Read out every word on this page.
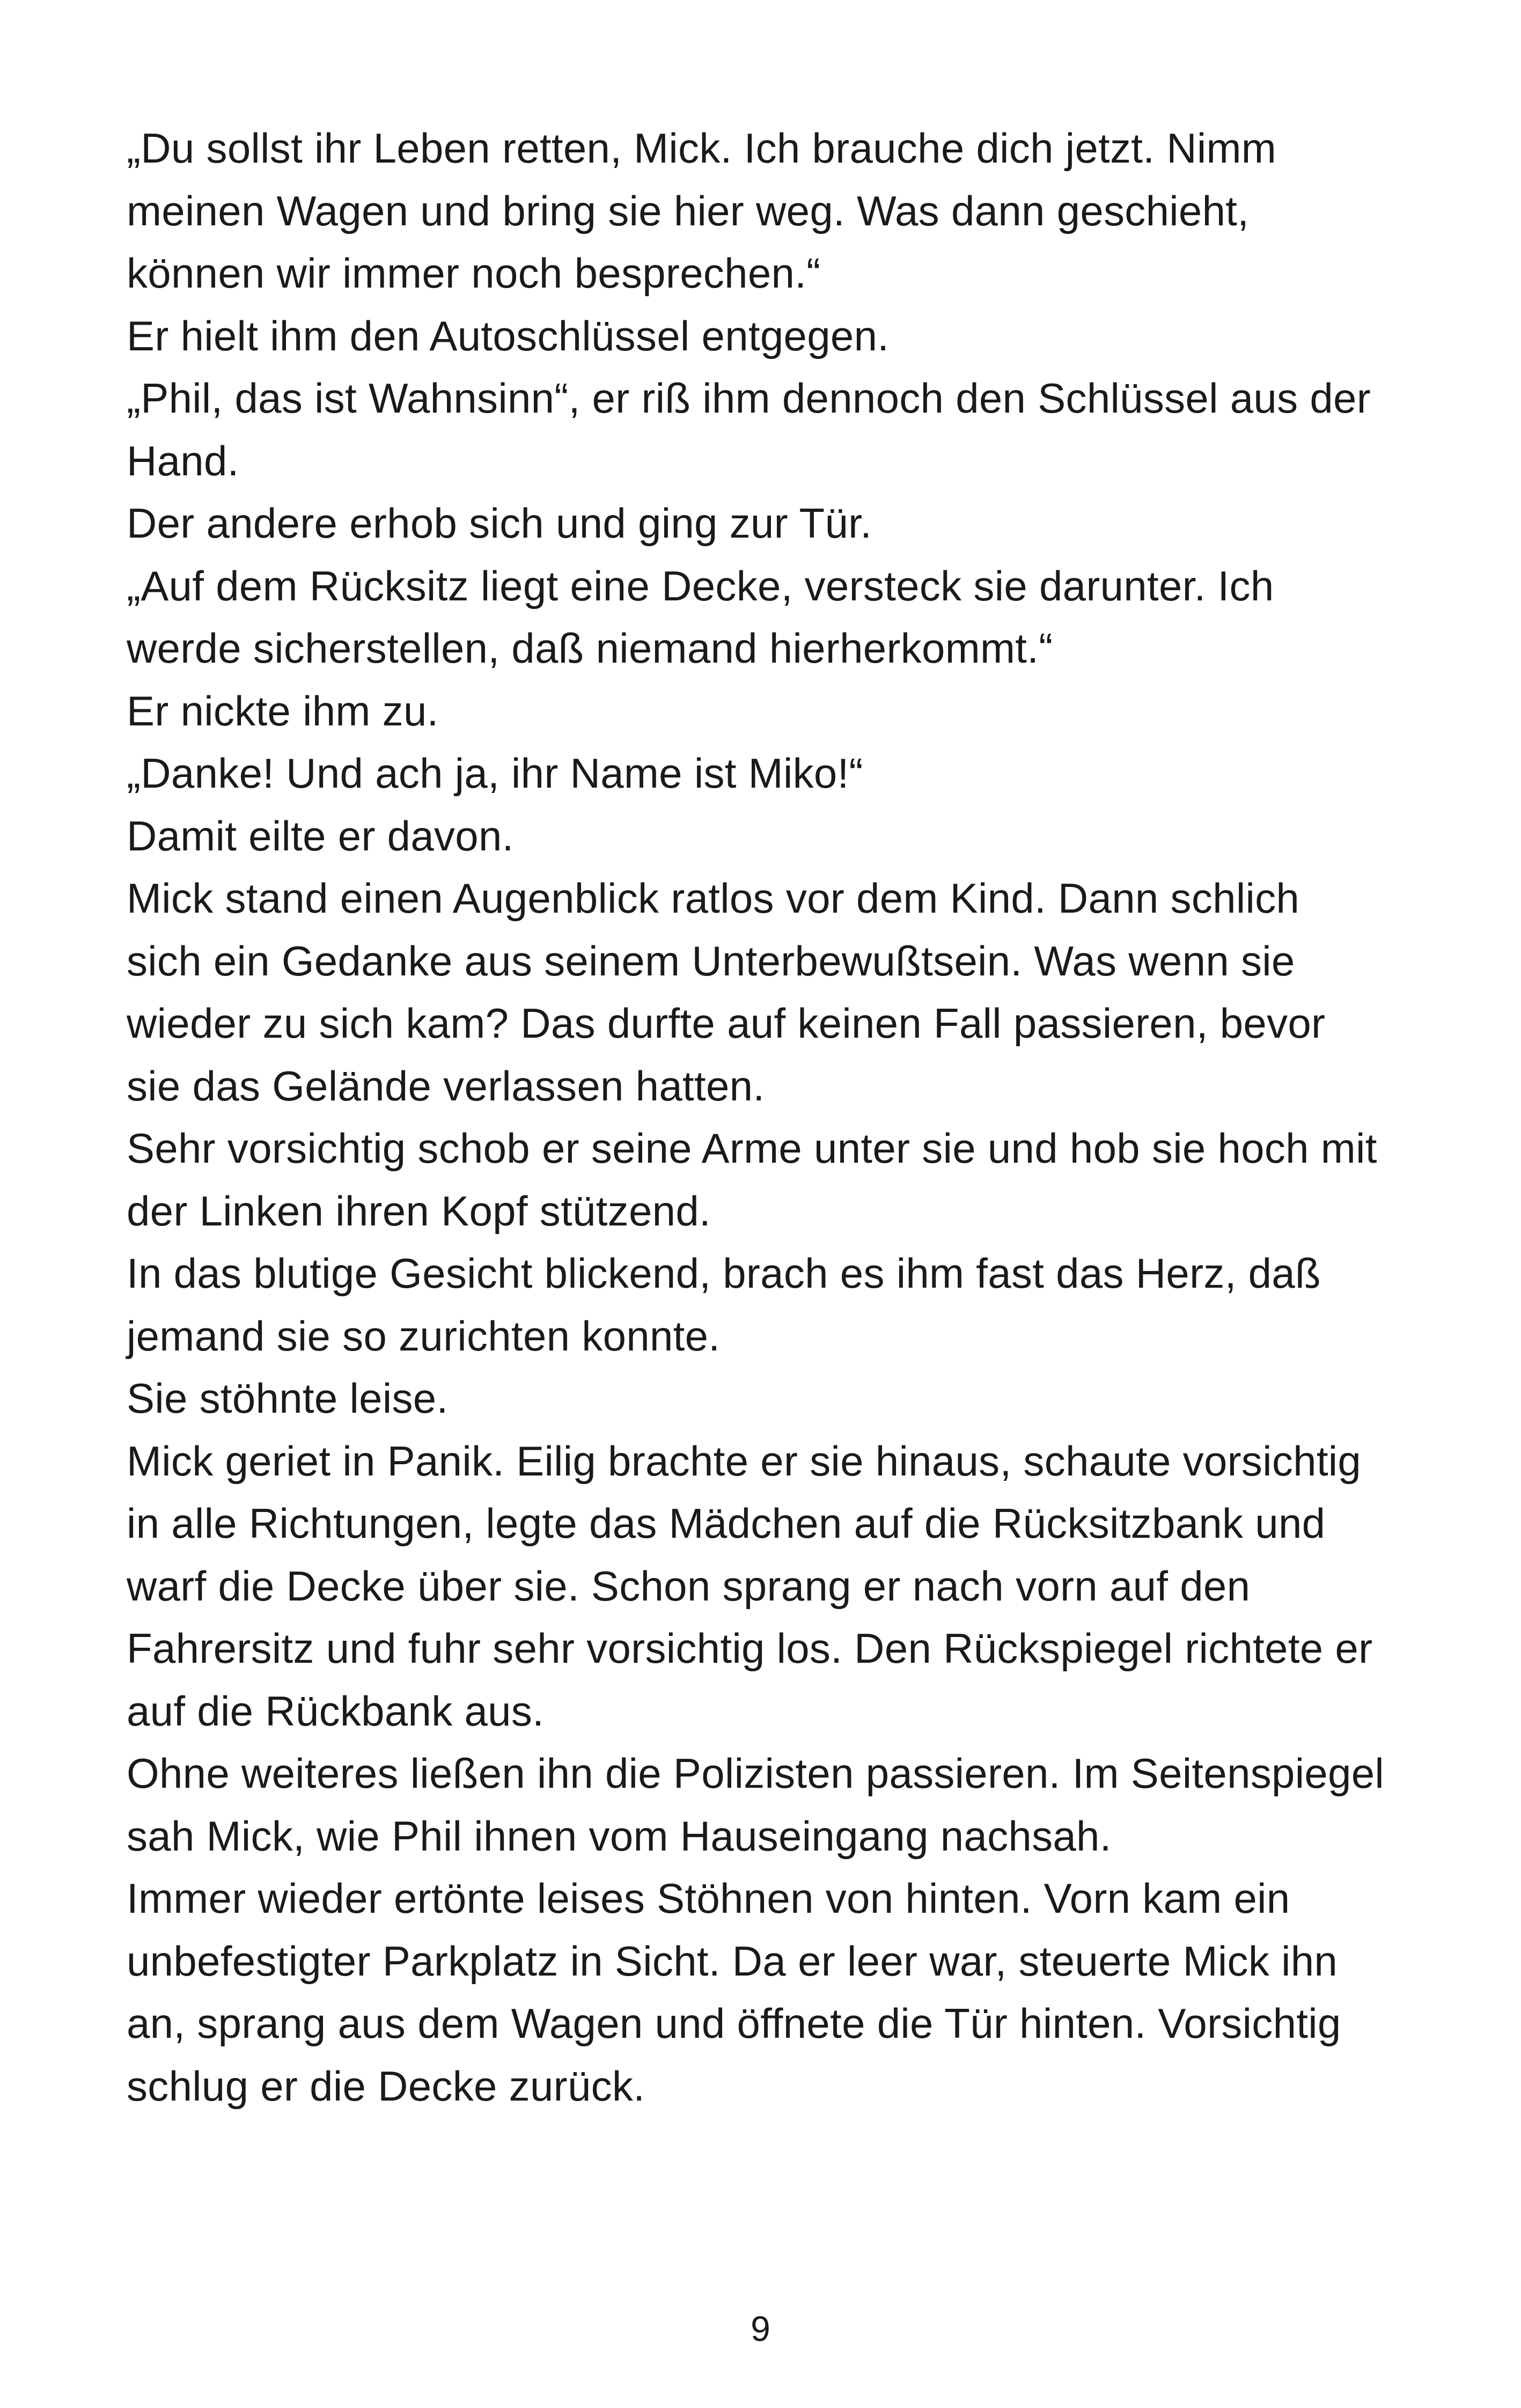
„Du sollst ihr Leben retten, Mick. Ich brauche dich jetzt. Nimm
meinen Wagen und bring sie hier weg. Was dann geschieht,
können wir immer noch besprechen.“
Er hielt ihm den Autoschlüssel entgegen.
„Phil, das ist Wahnsinn“, er riß ihm dennoch den Schlüssel aus der
Hand.
Der andere erhob sich und ging zur Tür.
„Auf dem Rücksitz liegt eine Decke, versteck sie darunter. Ich
werde sicherstellen, daß niemand hierherkommt.“
Er nickte ihm zu.
„Danke! Und ach ja, ihr Name ist Miko!“
Damit eilte er davon.
Mick stand einen Augenblick ratlos vor dem Kind. Dann schlich
sich ein Gedanke aus seinem Unterbewußtsein. Was wenn sie
wieder zu sich kam? Das durfte auf keinen Fall passieren, bevor
sie das Gelände verlassen hatten.
Sehr vorsichtig schob er seine Arme unter sie und hob sie hoch mit
der Linken ihren Kopf stützend.
In das blutige Gesicht blickend, brach es ihm fast das Herz, daß
jemand sie so zurichten konnte.
Sie stöhnte leise.
Mick geriet in Panik. Eilig brachte er sie hinaus, schaute vorsichtig
in alle Richtungen, legte das Mädchen auf die Rücksitzbank und
warf die Decke über sie. Schon sprang er nach vorn auf den
Fahrersitz und fuhr sehr vorsichtig los. Den Rückspiegel richtete er
auf die Rückbank aus.
Ohne weiteres ließen ihn die Polizisten passieren. Im Seitenspiegel
sah Mick, wie Phil ihnen vom Hauseingang nachsah.
Immer wieder ertönte leises Stöhnen von hinten. Vorn kam ein
unbefestigter Parkplatz in Sicht. Da er leer war, steuerte Mick ihn
an, sprang aus dem Wagen und öffnete die Tür hinten. Vorsichtig
schlug er die Decke zurück.
9
